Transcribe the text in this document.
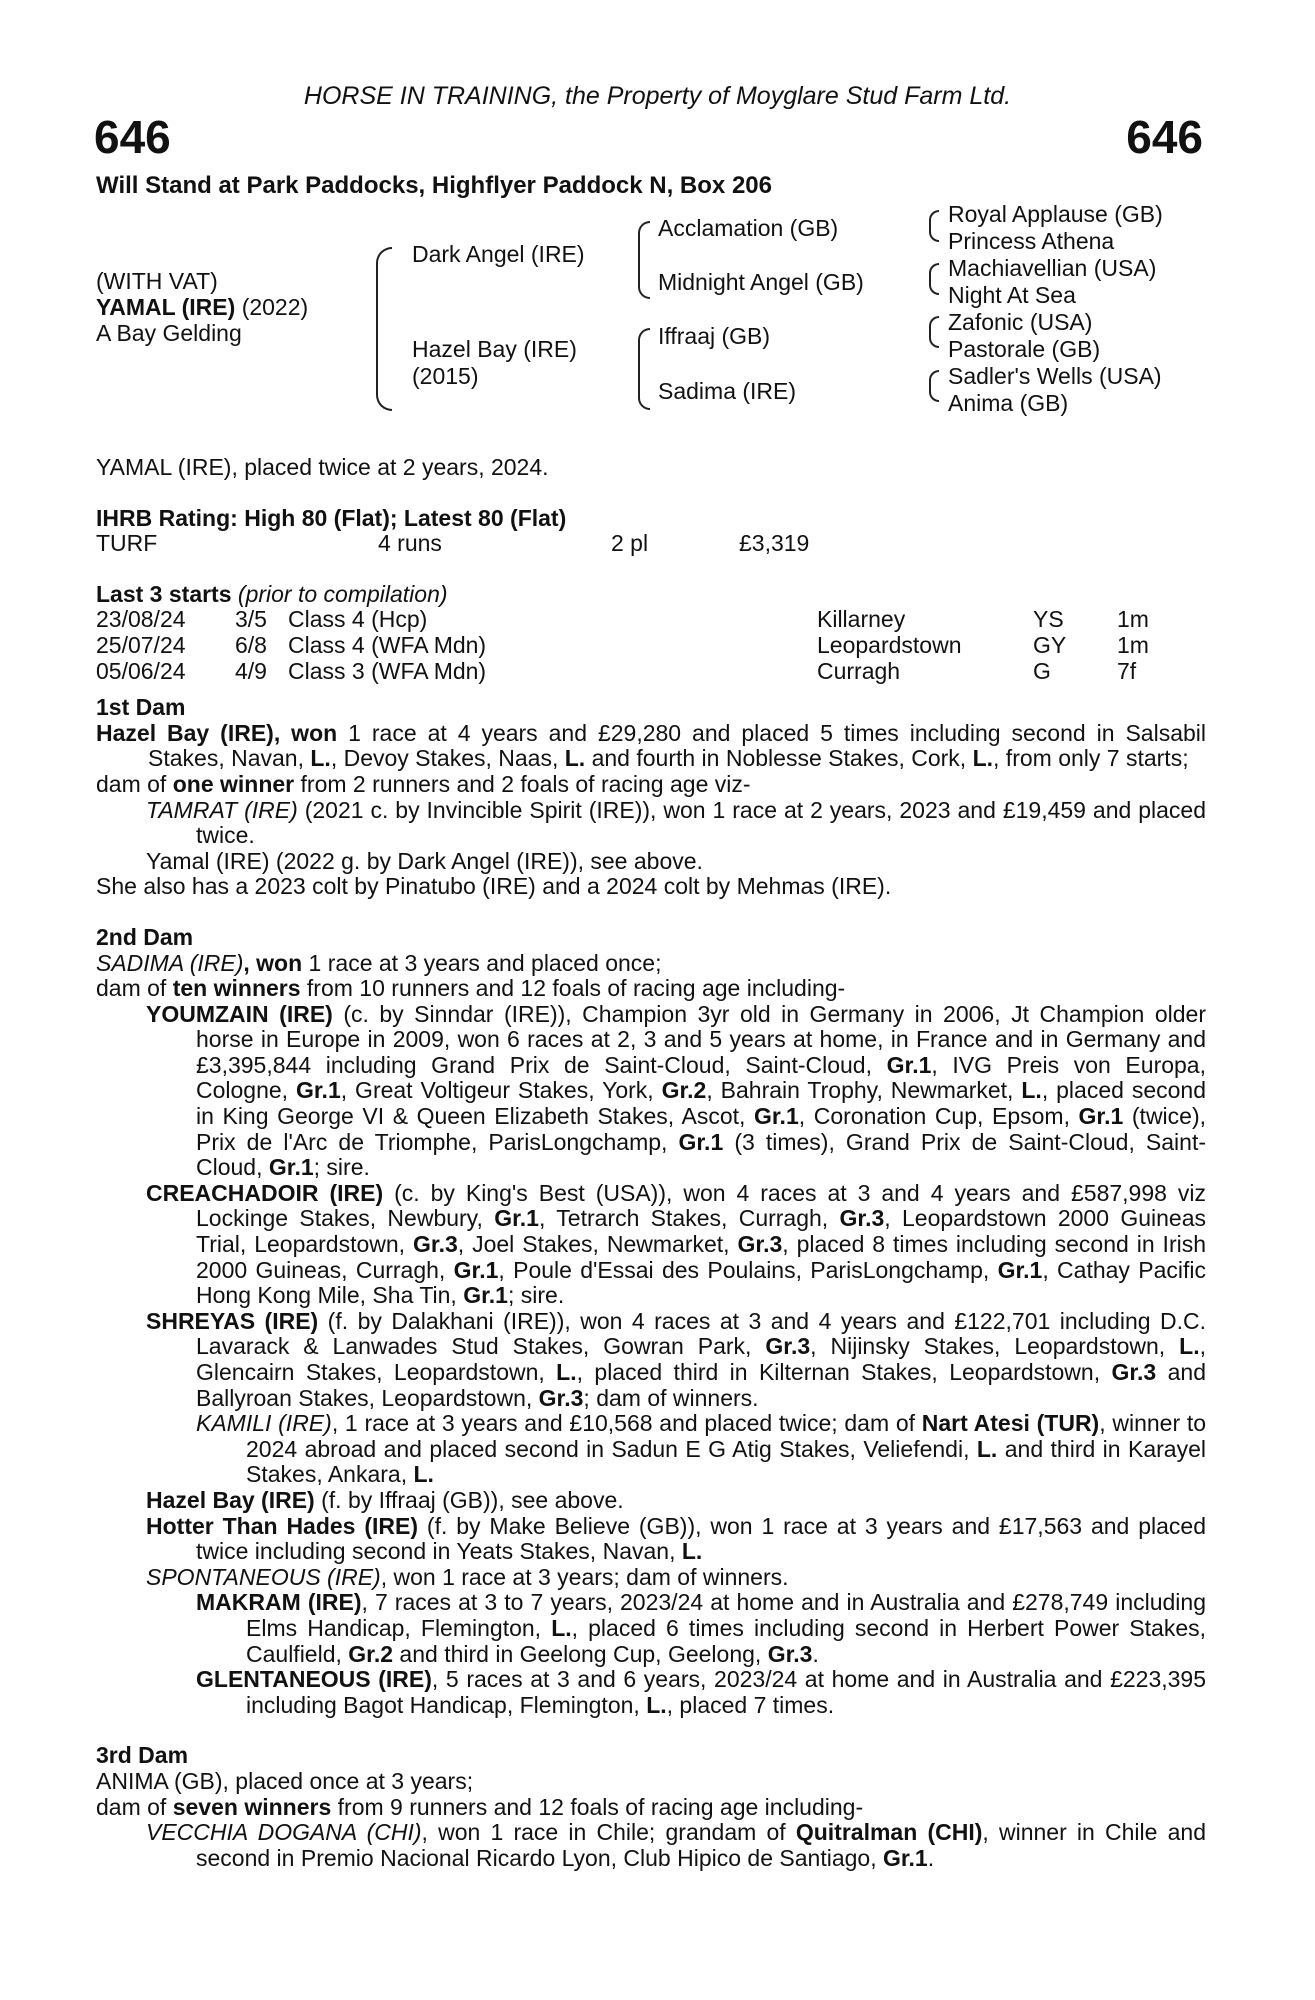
HORSE IN TRAINING, the Property of Moyglare Stud Farm Ltd.
646	646
Will Stand at Park Paddocks, Highflyer Paddock N, Box 206
(WITH VAT)
YAMAL (IRE) (2022)
A Bay Gelding
Dark Angel (IRE)
Hazel Bay (IRE)
(2015)
Acclamation (GB)
Midnight Angel (GB)
Iffraaj (GB)
Sadima (IRE)
Royal Applause (GB)
Princess Athena
Machiavellian (USA)
Night At Sea
Zafonic (USA)
Pastorale (GB)
Sadler's Wells (USA)
Anima (GB)

YAMAL (IRE), placed twice at 2 years, 2024.

IHRB Rating: High 80 (Flat); Latest 80 (Flat)

TURF	4 runs	2 pl	£3,319

Last 3 starts (prior to compilation)

23/08/24 3/5 Class 4 (Hcp)	Killarney	YS 1m
25/07/24 6/8 Class 4 (WFA Mdn)	Leopardstown	GY 1m
05/06/24 4/9 Class 3 (WFA Mdn)	Curragh	G	7f

1st Dam

Hazel Bay (IRE), won 1 race at 4 years and £29,280 and placed 5 times including second in Salsabil Stakes, Navan, L., Devoy Stakes, Naas, L. and fourth in Noblesse Stakes, Cork, L., from only 7 starts;

dam of one winner from 2 runners and 2 foals of racing age viz-

TAMRAT (IRE) (2021 c. by Invincible Spirit (IRE)), won 1 race at 2 years, 2023 and £19,459 and placed twice.

Yamal (IRE) (2022 g. by Dark Angel (IRE)), see above.

She also has a 2023 colt by Pinatubo (IRE) and a 2024 colt by Mehmas (IRE).

2nd Dam

SADIMA (IRE), won 1 race at 3 years and placed once;

dam of ten winners from 10 runners and 12 foals of racing age including-

YOUMZAIN (IRE) (c. by Sinndar (IRE)), Champion 3yr old in Germany in 2006, Jt Champion older horse in Europe in 2009, won 6 races at 2, 3 and 5 years at home, in France and in Germany and £3,395,844 including Grand Prix de Saint-Cloud, Saint-Cloud, Gr.1, IVG Preis von Europa, Cologne, Gr.1, Great Voltigeur Stakes, York, Gr.2, Bahrain Trophy, Newmarket, L., placed second in King George VI & Queen Elizabeth Stakes, Ascot, Gr.1, Coronation Cup, Epsom, Gr.1 (twice), Prix de l'Arc de Triomphe, ParisLongchamp, Gr.1 (3 times), Grand Prix de Saint-Cloud, Saint-Cloud, Gr.1; sire.

CREACHADOIR (IRE) (c. by King's Best (USA)), won 4 races at 3 and 4 years and £587,998 viz Lockinge Stakes, Newbury, Gr.1, Tetrarch Stakes, Curragh, Gr.3, Leopardstown 2000 Guineas Trial, Leopardstown, Gr.3, Joel Stakes, Newmarket, Gr.3, placed 8 times including second in Irish 2000 Guineas, Curragh, Gr.1, Poule d'Essai des Poulains, ParisLongchamp, Gr.1, Cathay Pacific Hong Kong Mile, Sha Tin, Gr.1; sire.

SHREYAS (IRE) (f. by Dalakhani (IRE)), won 4 races at 3 and 4 years and £122,701 including D.C. Lavarack & Lanwades Stud Stakes, Gowran Park, Gr.3, Nijinsky Stakes, Leopardstown, L., Glencairn Stakes, Leopardstown, L., placed third in Kilternan Stakes, Leopardstown, Gr.3 and Ballyroan Stakes, Leopardstown, Gr.3; dam of winners.

KAMILI (IRE), 1 race at 3 years and £10,568 and placed twice; dam of Nart Atesi (TUR), winner to 2024 abroad and placed second in Sadun E G Atig Stakes, Veliefendi, L. and third in Karayel Stakes, Ankara, L.

Hazel Bay (IRE) (f. by Iffraaj (GB)), see above.

Hotter Than Hades (IRE) (f. by Make Believe (GB)), won 1 race at 3 years and £17,563 and placed twice including second in Yeats Stakes, Navan, L.

SPONTANEOUS (IRE), won 1 race at 3 years; dam of winners.

MAKRAM (IRE), 7 races at 3 to 7 years, 2023/24 at home and in Australia and £278,749 including Elms Handicap, Flemington, L., placed 6 times including second in Herbert Power Stakes, Caulfield, Gr.2 and third in Geelong Cup, Geelong, Gr.3.

GLENTANEOUS (IRE), 5 races at 3 and 6 years, 2023/24 at home and in Australia and £223,395 including Bagot Handicap, Flemington, L., placed 7 times.

3rd Dam

ANIMA (GB), placed once at 3 years;

dam of seven winners from 9 runners and 12 foals of racing age including-

VECCHIA DOGANA (CHI), won 1 race in Chile; grandam of Quitralman (CHI), winner in Chile and second in Premio Nacional Ricardo Lyon, Club Hipico de Santiago, Gr.1.
